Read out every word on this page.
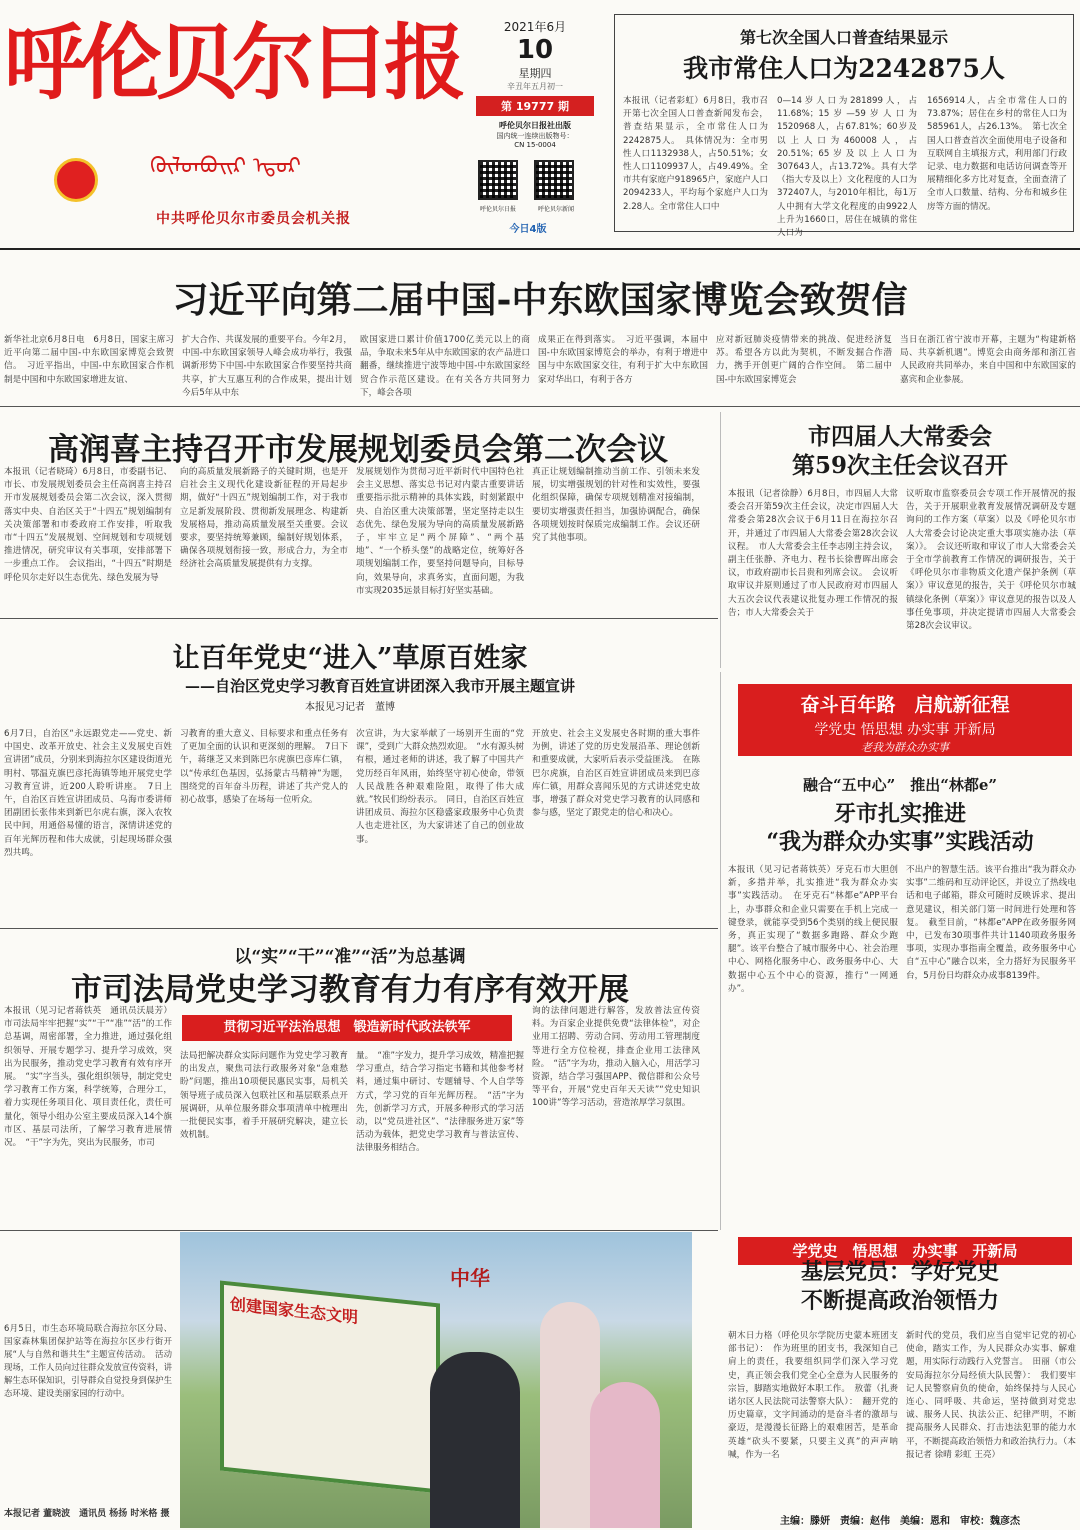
呼伦贝尔日报
ᠬᠥᠯᠥᠨᠪᠦᠢᠷ ᠡᠳᠦᠷ
中共呼伦贝尔市委员会机关报
2021年6月
10
星期四
辛丑年五月初一
第 19777 期
呼伦贝尔日报社出版
国内统一连续出版物号：
CN 15-0004
呼伦贝尔日报	呼伦贝尔新闻
今日4版
第七次全国人口普查结果显示
我市常住人口为2242875人
本报讯（记者彩虹）6月8日，我市召开第七次全国人口普查新闻发布会，普查结果显示，全市常住人口为2242875人。　具体情况为：全市男性人口1132938人，占50.51%；女性人口1109937人，占49.49%。全市共有家庭户918965户，家庭户人口2094233人，平均每个家庭户人口为2.28人。全市常住人口中
0—14岁人口为281899人，占11.68%；15岁—59岁人口为1520968人，占67.81%；60岁及以上人口为460008人，占20.51%；65岁及以上人口为307643人，占13.72%。具有大学（指大专及以上）文化程度的人口为372407人，与2010年相比，每1万人中拥有大学文化程度的由9922人上升为1660口，居住在城镇的常住人口为
1656914人，占全市常住人口的73.87%；居住在乡村的常住人口为585961人，占26.13%。　第七次全国人口普查首次全面使用电子设备和互联网自主填报方式，利用部门行政记录、电力数据和电话访问调查等开展精细化多方比对复查，全面查清了全市人口数量、结构、分布和城乡住房等方面的情况。
习近平向第二届中国-中东欧国家博览会致贺信
新华社北京6月8日电　6月8日，国家主席习近平向第二届中国-中东欧国家博览会致贺信。　习近平指出，中国-中东欧国家合作机制是中国和中东欧国家增进友谊、
扩大合作、共谋发展的重要平台。今年2月，中国-中东欧国家领导人峰会成功举行，我强调新形势下中国-中东欧国家合作要坚持共商共享，扩大互惠互利的合作成果，提出计划今后5年从中东
欧国家进口累计价值1700亿美元以上的商品，争取未来5年从中东欧国家的农产品进口翻番，继续推进宁波等地中国-中东欧国家经贸合作示范区建设。在有关各方共同努力下，峰会各项
成果正在得到落实。　习近平强调，本届中国-中东欧国家博览会的举办，有利于增进中国与中东欧国家交往，有利于扩大中东欧国家对华出口，有利于各方
应对新冠肺炎疫情带来的挑战、促进经济复苏。希望各方以此为契机，不断发掘合作潜力，携手开创更广阔的合作空间。　第二届中国-中东欧国家博览会
当日在浙江省宁波市开幕，主题为“构建新格局、共享新机遇”。博览会由商务部和浙江省人民政府共同举办，来自中国和中东欧国家的嘉宾和企业参展。
高润喜主持召开市发展规划委员会第二次会议
本报讯（记者晓琦）6月8日，市委副书记、市长、市发展规划委员会主任高润喜主持召开市发展规划委员会第二次会议，深入贯彻落实中央、自治区关于“十四五”规划编制有关决策部署和市委政府工作安排，听取我市“十四五”发展规划、空间规划和专项规划推进情况，研究审议有关事项，安排部署下一步重点工作。　会议指出，“十四五”时期是呼伦贝尔走好以生态优先、绿色发展为导
向的高质量发展新路子的关键时期，也是开启社会主义现代化建设新征程的开局起步期，做好“十四五”规划编制工作，对于我市立足新发展阶段、贯彻新发展理念、构建新发展格局，推动高质量发展至关重要。会议要求，要坚持统筹兼顾，编制好规划体系，确保各项规划衔接一致，形成合力，为全市经济社会高质量发展提供有力支撑。
发展规划作为贯彻习近平新时代中国特色社会主义思想、落实总书记对内蒙古重要讲话重要指示批示精神的具体实践，时刻紧跟中央、自治区重大决策部署，坚定坚持走以生态优先、绿色发展为导向的高质量发展新路子，牢牢立足“两个屏障”、“两个基地”、“一个桥头堡”的战略定位，统筹好各项规划编制工作，要坚持问题导向，目标导向，效果导向，求真务实，直面问题，为我市实现2035远景目标打好坚实基础。
真正让规划编制推动当前工作、引领未来发展，切实增强规划的针对性和实效性，要强化组织保障，确保专项规划精准对接编制，要切实增强责任担当，加强协调配合，确保各项规划按时保质完成编制工作。会议还研究了其他事项。
市四届人大常委会
第59次主任会议召开
本报讯（记者徐静）6月8日，市四届人大常委会召开第59次主任会议，决定市四届人大常委会第28次会议于6月11日在海拉尔召开，并通过了市四届人大常委会第28次会议议程。　市人大常委会主任李志刚主持会议，副主任张静、齐电力、程书长徐曹晖出席会议，市政府副市长吕贵和列席会议。　会议听取审议并原则通过了市人民政府对市四届人大五次会议代表建议批复办理工作情况的报告；市人大常委会关于
议听取市监察委员会专项工作开展情况的报告，关于开展职业教育发展情况调研及专题询问的工作方案（草案）以及《呼伦贝尔市人大常委会讨论决定重大事项实施办法（草案）》。　会议还听取和审议了市人大常委会关于全市学前教育工作情况的调研报告，关于《呼伦贝尔市非物质文化遗产保护条例（草案）》审议意见的报告，关于《呼伦贝尔市城镇绿化条例（草案）》审议意见的报告以及人事任免事项，并决定提请市四届人大常委会第28次会议审议。
让百年党史“进入”草原百姓家
——自治区党史学习教育百姓宣讲团深入我市开展主题宣讲
本报见习记者　董博
6月7日，自治区“永远跟党走——党史、新中国史、改革开放史、社会主义发展史百姓宣讲团”成员，分别来到海拉尔区建设街道光明村、鄂温克旗巴彦托海镇等地开展党史学习教育宣讲，近200人聆听讲座。　7日上午，自治区百姓宣讲团成员、乌海市委讲师团副团长张伟来到新巴尔虎右旗，深入农牧民中间，用通俗易懂的语言，深情讲述党的百年光辉历程和伟大成就，引起现场群众强烈共鸣。
习教育的重大意义、目标要求和重点任务有了更加全面的认识和更深刻的理解。　7日下午，蒋继芝又来到陈巴尔虎旗巴彦库仁镇，以“传承红色基因，弘扬蒙古马精神”为题，围绕党的百年奋斗历程，讲述了共产党人的初心故事，感染了在场每一位听众。
次宣讲，为大家举献了一场别开生面的“党课”，受到广大群众热烈欢迎。　“水有源头树有根，通过老师的讲述，我了解了中国共产党历经百年风雨，始终坚守初心使命，带领人民战胜各种艰难险阻，取得了伟大成就。”牧民们纷纷表示。　同日，自治区百姓宣讲团成员、海拉尔区稳盛家政服务中心负责人也走进社区，为大家讲述了自己的创业故事。
开放史、社会主义发展史各时期的重大事件为例，讲述了党的历史发展沿革、理论创新和重要成就，大家听后表示受益匪浅。　在陈巴尔虎旗，自治区百姓宣讲团成员来到巴彦库仁镇，用群众喜闻乐见的方式讲述党史故事，增强了群众对党史学习教育的认同感和参与感，坚定了跟党走的信心和决心。
奋斗百年路　启航新征程
学党史 悟思想 办实事 开新局
老我为群众办实事
以“实”“干”“准”“活”为总基调
市司法局党史学习教育有力有序有效开展
贯彻习近平法治思想　锻造新时代政法铁军
本报讯（见习记者蒋铁英　通讯员沃晨芳）市司法局牢牢把握“实”“干”“准”“活”的工作总基调，周密部署，全力推进，通过强化组织领导、开展专题学习、提升学习成效，突出为民服务，推动党史学习教育有效有序开展。　“实”字当头，强化组织领导，制定党史学习教育工作方案，科学统筹，合理分工，着力实现任务项目化、项目责任化，责任可量化，领导小组办公室主要成员深入14个旗市区、基层司法所，了解学习教育进展情况。　“干”字为先，突出为民服务，市司
法局把解决群众实际问题作为党史学习教育的出发点，聚焦司法行政服务对象“急难愁盼”问题，推出10项便民惠民实事，局机关领导班子成员深入包联社区和基层联系点开展调研，从单位服务群众事项清单中梳理出一批便民实事，着手开展研究解决，建立长效机制。
量。　“准”字发力，提升学习成效，精准把握学习重点，结合学习指定书籍和其他参考材料，通过集中研讨、专题辅导、个人自学等方式，学习党的百年光辉历程。　“活”字为先，创新学习方式，开展多种形式的学习活动，以“党员进社区”、“法律服务进万家”等活动为载体，把党史学习教育与普法宣传、法律服务相结合。
询的法律问题进行解答，发放普法宣传资料。为百家企业提供免费“法律体检”，对企业用工招聘、劳动合同、劳动用工管理制度等进行全方位检视，排查企业用工法律风险。　“活”字为功，推动入脑入心，用活学习资源，结合学习强国APP、微信群和公众号等平台，开展“党史百年天天读”“党史知识100讲”等学习活动，营造浓厚学习氛围。
融合“五中心”　推出“林都e”
牙市扎实推进
“我为群众办实事”实践活动
本报讯（见习记者蒋铁英）牙克石市大胆创新，多措并举，扎实推进“我为群众办实事”实践活动。　在牙克石“林都e”APP平台上，办事群众和企业只需要在手机上完成一键登录，就能享受到56个类别的线上便民服务，真正实现了“数据多跑路、群众少跑腿”。该平台整合了城市服务中心、社会治理中心、网格化服务中心、政务服务中心、大数据中心五个中心的资源，推行“一网通办”。
不出户的智慧生活。该平台推出“我为群众办实事”二维码和互动评论区，并设立了热线电话和电子邮箱，群众可随时反映诉求、提出意见建议，相关部门第一时间进行处理和答复。　截至目前，“林都e”APP在政务服务网中，已发布30项事件共计1140项政务服务事项，实现办事指南全覆盖，政务服务中心自“五中心”融合以来，全力搭好为民服务平台，5月份日均群众办成事8139件。
学党史　悟思想　办实事　开新局
基层党员：学好党史
不断提高政治领悟力
朝木日力格（呼伦贝尔学院历史蒙本班团支部书记）：　作为班里的团支书，我深知自己肩上的责任，我要组织同学们深入学习党史，真正领会我们党全心全意为人民服务的宗旨，脚踏实地做好本职工作。　敖蕾（扎赉诺尔区人民法院司法警察大队）：　翻开党的历史篇章，文字间涌动的是奋斗者的激昂与豪迈，是漫漫长征路上的艰难困苦，是革命英雄“砍头不要紧，只要主义真”的声声呐喊，作为一名
新时代的党员，我们应当自觉牢记党的初心使命，踏实工作，为人民群众办实事、解难题，用实际行动践行入党誓言。　田丽（市公安局海拉尔分局经侦大队民警）：　我们要牢记人民警察肩负的使命，始终保持与人民心连心、同呼吸、共命运，坚持做到对党忠诚、服务人民、执法公正、纪律严明，不断提高服务人民群众、打击违法犯罪的能力水平，不断提高政治领悟力和政治执行力。（本报记者 徐晴 彩虹 王亮）
创建国家生态文明
中华
6月5日，市生态环境局联合海拉尔区分局、国家森林集团保护站等在海拉尔区步行街开展“人与自然和谐共生”主题宣传活动。　活动现场，工作人员向过往群众发放宣传资料，讲解生态环保知识，引导群众自觉投身到保护生态环境、建设美丽家园的行动中。
本报记者 董晓波　通讯员 杨扬 时米格 摄
主编：滕妍　责编：赵伟　美编：恩和　审校：魏彦杰
